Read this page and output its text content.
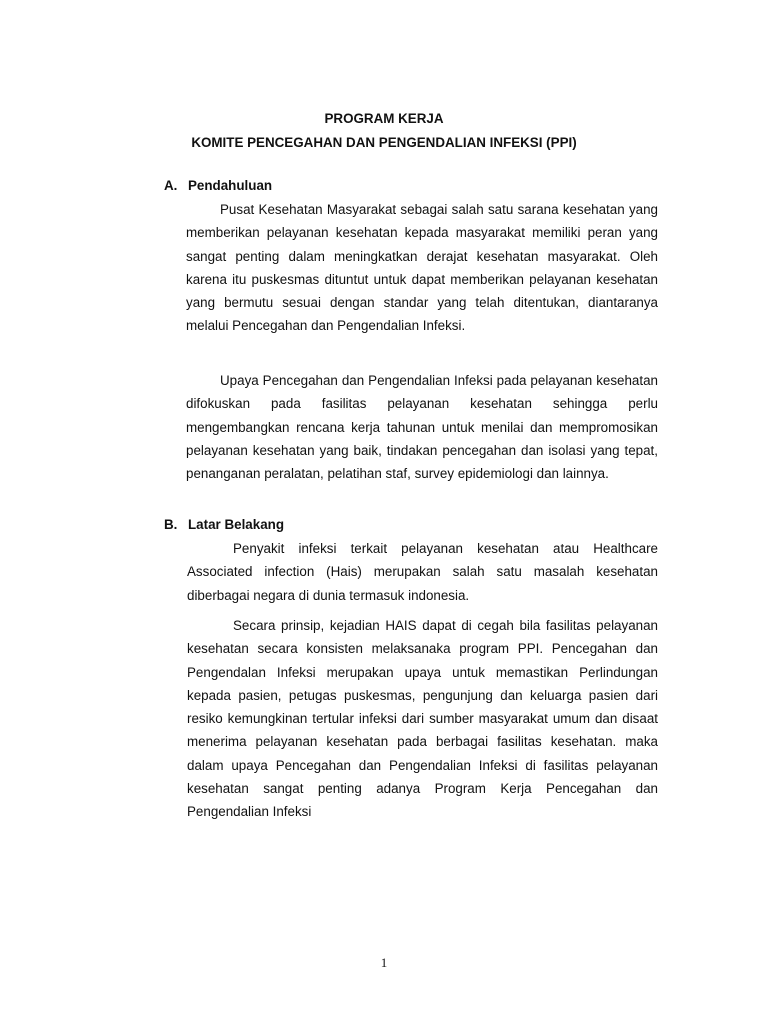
PROGRAM KERJA

KOMITE PENCEGAHAN DAN PENGENDALIAN INFEKSI (PPI)

A. Pendahuluan

Pusat Kesehatan Masyarakat sebagai salah satu sarana kesehatan yang memberikan pelayanan kesehatan kepada masyarakat memiliki peran yang sangat penting dalam meningkatkan derajat kesehatan masyarakat. Oleh karena itu puskesmas dituntut untuk dapat memberikan pelayanan kesehatan yang bermutu sesuai dengan standar yang telah ditentukan, diantaranya melalui Pencegahan dan Pengendalian Infeksi.

Upaya Pencegahan dan Pengendalian Infeksi pada pelayanan kesehatan difokuskan pada fasilitas pelayanan kesehatan sehingga perlu mengembangkan rencana kerja tahunan untuk menilai dan mempromosikan pelayanan kesehatan yang baik, tindakan pencegahan dan isolasi yang tepat, penanganan peralatan, pelatihan staf, survey epidemiologi dan lainnya.

B. Latar Belakang

Penyakit infeksi terkait pelayanan kesehatan atau Healthcare Associated infection (Hais) merupakan salah satu masalah kesehatan diberbagai negara di dunia termasuk indonesia.

Secara prinsip, kejadian HAIS dapat di cegah bila fasilitas pelayanan kesehatan secara konsisten melaksanaka program PPI. Pencegahan dan Pengendalan Infeksi merupakan upaya untuk memastikan Perlindungan kepada pasien, petugas puskesmas, pengunjung dan keluarga pasien dari resiko kemungkinan tertular infeksi dari sumber masyarakat umum dan disaat menerima pelayanan kesehatan pada berbagai fasilitas kesehatan. maka dalam upaya Pencegahan dan Pengendalian Infeksi di fasilitas pelayanan kesehatan sangat penting adanya Program Kerja Pencegahan dan Pengendalian Infeksi

1
